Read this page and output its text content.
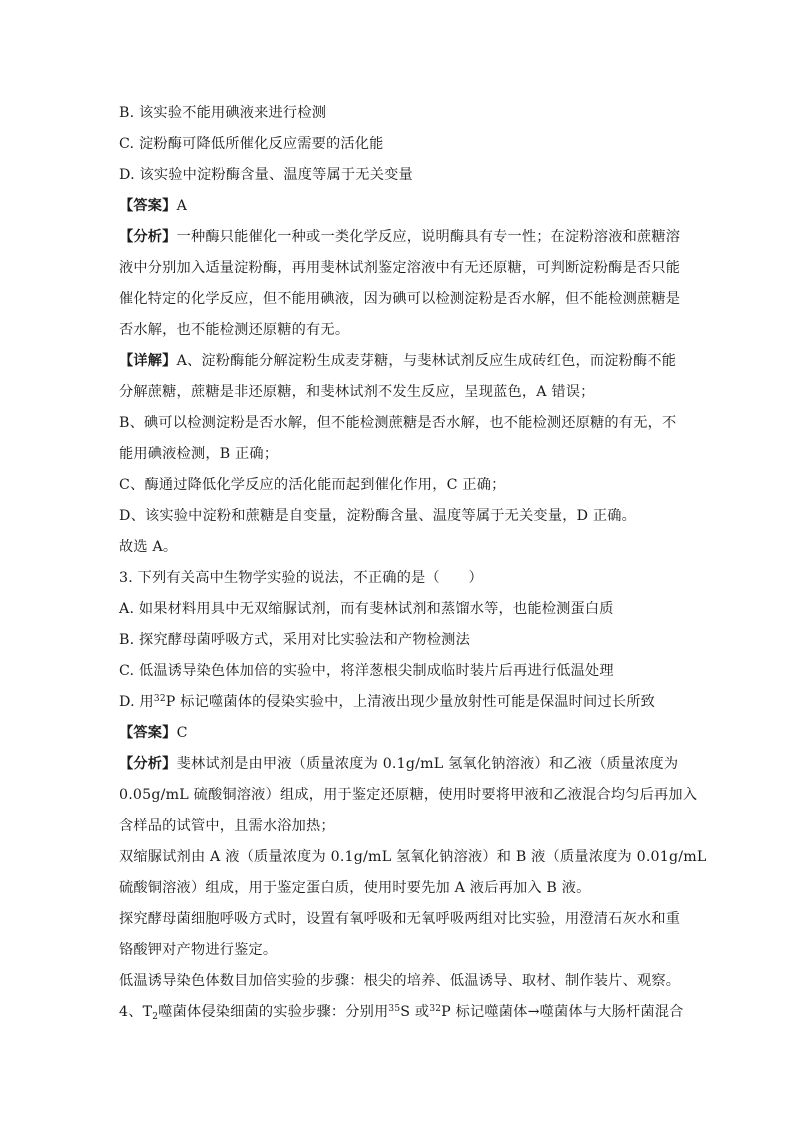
B. 该实验不能用碘液来进行检测
C. 淀粉酶可降低所催化反应需要的活化能
D. 该实验中淀粉酶含量、温度等属于无关变量
【答案】A
【分析】一种酶只能催化一种或一类化学反应，说明酶具有专一性；在淀粉溶液和蔗糖溶
液中分别加入适量淀粉酶，再用斐林试剂鉴定溶液中有无还原糖，可判断淀粉酶是否只能
催化特定的化学反应，但不能用碘液，因为碘可以检测淀粉是否水解，但不能检测蔗糖是
否水解，也不能检测还原糖的有无。
【详解】A、淀粉酶能分解淀粉生成麦芽糖，与斐林试剂反应生成砖红色，而淀粉酶不能
分解蔗糖，蔗糖是非还原糖，和斐林试剂不发生反应，呈现蓝色，A 错误；
B、碘可以检测淀粉是否水解，但不能检测蔗糖是否水解，也不能检测还原糖的有无，不
能用碘液检测，B 正确；
C、酶通过降低化学反应的活化能而起到催化作用，C 正确；
D、该实验中淀粉和蔗糖是自变量，淀粉酶含量、温度等属于无关变量，D 正确。
故选 A。
3. 下列有关高中生物学实验的说法，不正确的是（　　）
A. 如果材料用具中无双缩脲试剂，而有斐林试剂和蒸馏水等，也能检测蛋白质
B. 探究酵母菌呼吸方式，采用对比实验法和产物检测法
C. 低温诱导染色体加倍的实验中，将洋葱根尖制成临时装片后再进行低温处理
D. 用$^{32}$P 标记噬菌体的侵染实验中，上清液出现少量放射性可能是保温时间过长所致
【答案】C
【分析】斐林试剂是由甲液（质量浓度为 0.1g/mL 氢氧化钠溶液）和乙液（质量浓度为
0.05g/mL 硫酸铜溶液）组成，用于鉴定还原糖，使用时要将甲液和乙液混合均匀后再加入
含样品的试管中，且需水浴加热；
双缩脲试剂由 A 液（质量浓度为 0.1g/mL 氢氧化钠溶液）和 B 液（质量浓度为 0.01g/mL
硫酸铜溶液）组成，用于鉴定蛋白质，使用时要先加 A 液后再加入 B 液。
探究酵母菌细胞呼吸方式时，设置有氧呼吸和无氧呼吸两组对比实验，用澄清石灰水和重
铬酸钾对产物进行鉴定。
低温诱导染色体数目加倍实验的步骤：根尖的培养、低温诱导、取材、制作装片、观察。
4、$T_2$噬菌体侵染细菌的实验步骤：分别用$^{35}$S 或$^{32}$P 标记噬菌体→噬菌体与大肠杆菌混合
